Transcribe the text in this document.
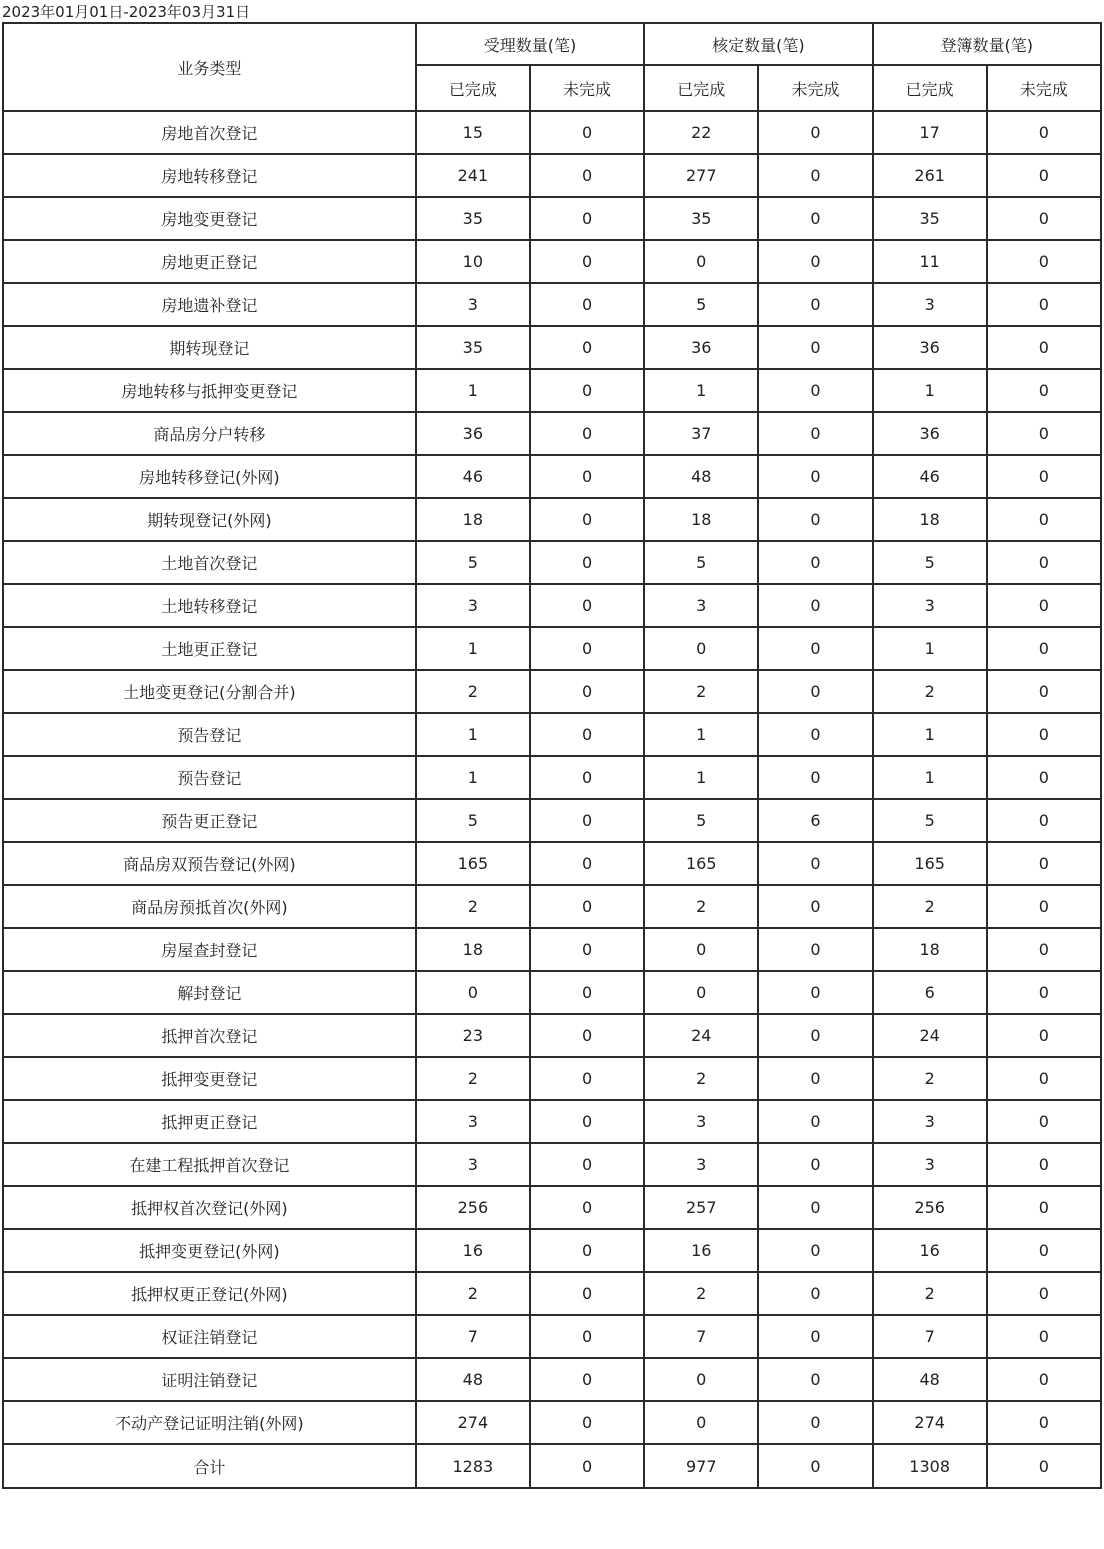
2023年01月01日-2023年03月31日
业务类型	受理数量(笔)		核定数量(笔)		登簿数量(笔)	
	已完成	未完成	已完成	未完成	已完成	未完成
房地首次登记	15	0	22	0	17	0
房地转移登记	241	0	277	0	261	0
房地变更登记	35	0	35	0	35	0
房地更正登记	10	0	0	0	11	0
房地遗补登记	3	0	5	0	3	0
期转现登记	35	0	36	0	36	0
房地转移与抵押变更登记	1	0	1	0	1	0
商品房分户转移	36	0	37	0	36	0
房地转移登记(外网)	46	0	48	0	46	0
期转现登记(外网)	18	0	18	0	18	0
土地首次登记	5	0	5	0	5	0
土地转移登记	3	0	3	0	3	0
土地更正登记	1	0	0	0	1	0
土地变更登记(分割合并)	2	0	2	0	2	0
预告登记	1	0	1	0	1	0
预告登记	1	0	1	0	1	0
预告更正登记	5	0	5	6	5	0
商品房双预告登记(外网)	165	0	165	0	165	0
商品房预抵首次(外网)	2	0	2	0	2	0
房屋查封登记	18	0	0	0	18	0
解封登记	0	0	0	0	6	0
抵押首次登记	23	0	24	0	24	0
抵押变更登记	2	0	2	0	2	0
抵押更正登记	3	0	3	0	3	0
在建工程抵押首次登记	3	0	3	0	3	0
抵押权首次登记(外网)	256	0	257	0	256	0
抵押变更登记(外网)	16	0	16	0	16	0
抵押权更正登记(外网)	2	0	2	0	2	0
权证注销登记	7	0	7	0	7	0
证明注销登记	48	0	0	0	48	0
不动产登记证明注销(外网)	274	0	0	0	274	0
合计	1283	0	977	0	1308	0
